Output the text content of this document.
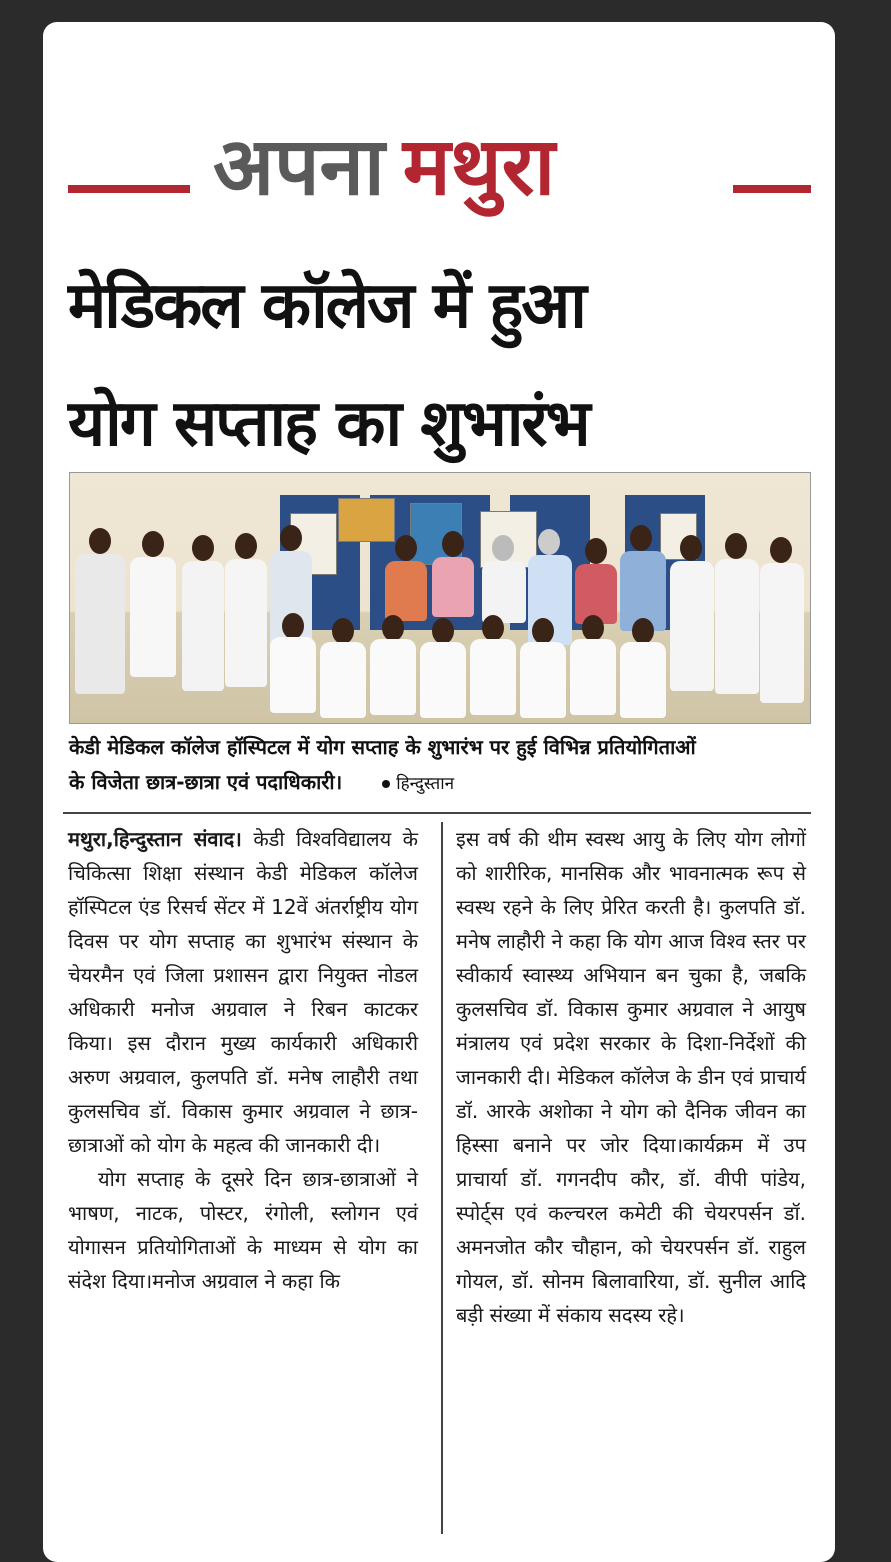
अपना मथुरा
मेडिकल कॉलेज में हुआ
योग सप्ताह का शुभारंभ
केडी मेडिकल कॉलेज हॉस्पिटल में योग सप्ताह के शुभारंभ पर हुई विभिन्न प्रतियोगिताओं
के विजेता छात्र-छात्रा एवं पदाधिकारी।	हिन्दुस्तान

मथुरा,हिन्दुस्तान संवाद। केडी विश्वविद्यालय के चिकित्सा शिक्षा संस्थान केडी मेडिकल कॉलेज हॉस्पिटल एंड रिसर्च सेंटर में 12वें अंतर्राष्ट्रीय योग दिवस पर योग सप्ताह का शुभारंभ संस्थान के चेयरमैन एवं जिला प्रशासन द्वारा नियुक्त नोडल अधिकारी मनोज अग्रवाल ने रिबन काटकर किया। इस दौरान मुख्य कार्यकारी अधिकारी अरुण अग्रवाल, कुलपति डॉ. मनेष लाहौरी तथा कुलसचिव डॉ. विकास कुमार अग्रवाल ने छात्र-छात्राओं को योग के महत्व की जानकारी दी।

योग सप्ताह के दूसरे दिन छात्र-छात्राओं ने भाषण, नाटक, पोस्टर, रंगोली, स्लोगन एवं योगासन प्रतियोगिताओं के माध्यम से योग का संदेश दिया।मनोज अग्रवाल ने कहा कि

इस वर्ष की थीम स्वस्थ आयु के लिए योग लोगों को शारीरिक, मानसिक और भावनात्मक रूप से स्वस्थ रहने के लिए प्रेरित करती है। कुलपति डॉ. मनेष लाहौरी ने कहा कि योग आज विश्व स्तर पर स्वीकार्य स्वास्थ्य अभियान बन चुका है, जबकि कुलसचिव डॉ. विकास कुमार अग्रवाल ने आयुष मंत्रालय एवं प्रदेश सरकार के दिशा-निर्देशों की जानकारी दी। मेडिकल कॉलेज के डीन एवं प्राचार्य डॉ. आरके अशोका ने योग को दैनिक जीवन का हिस्सा बनाने पर जोर दिया।कार्यक्रम में उप प्राचार्या डॉ. गगनदीप कौर, डॉ. वीपी पांडेय, स्पोर्ट्स एवं कल्चरल कमेटी की चेयरपर्सन डॉ. अमनजोत कौर चौहान, को चेयरपर्सन डॉ. राहुल गोयल, डॉ. सोनम बिलावारिया, डॉ. सुनील आदि बड़ी संख्या में संकाय सदस्य रहे।
